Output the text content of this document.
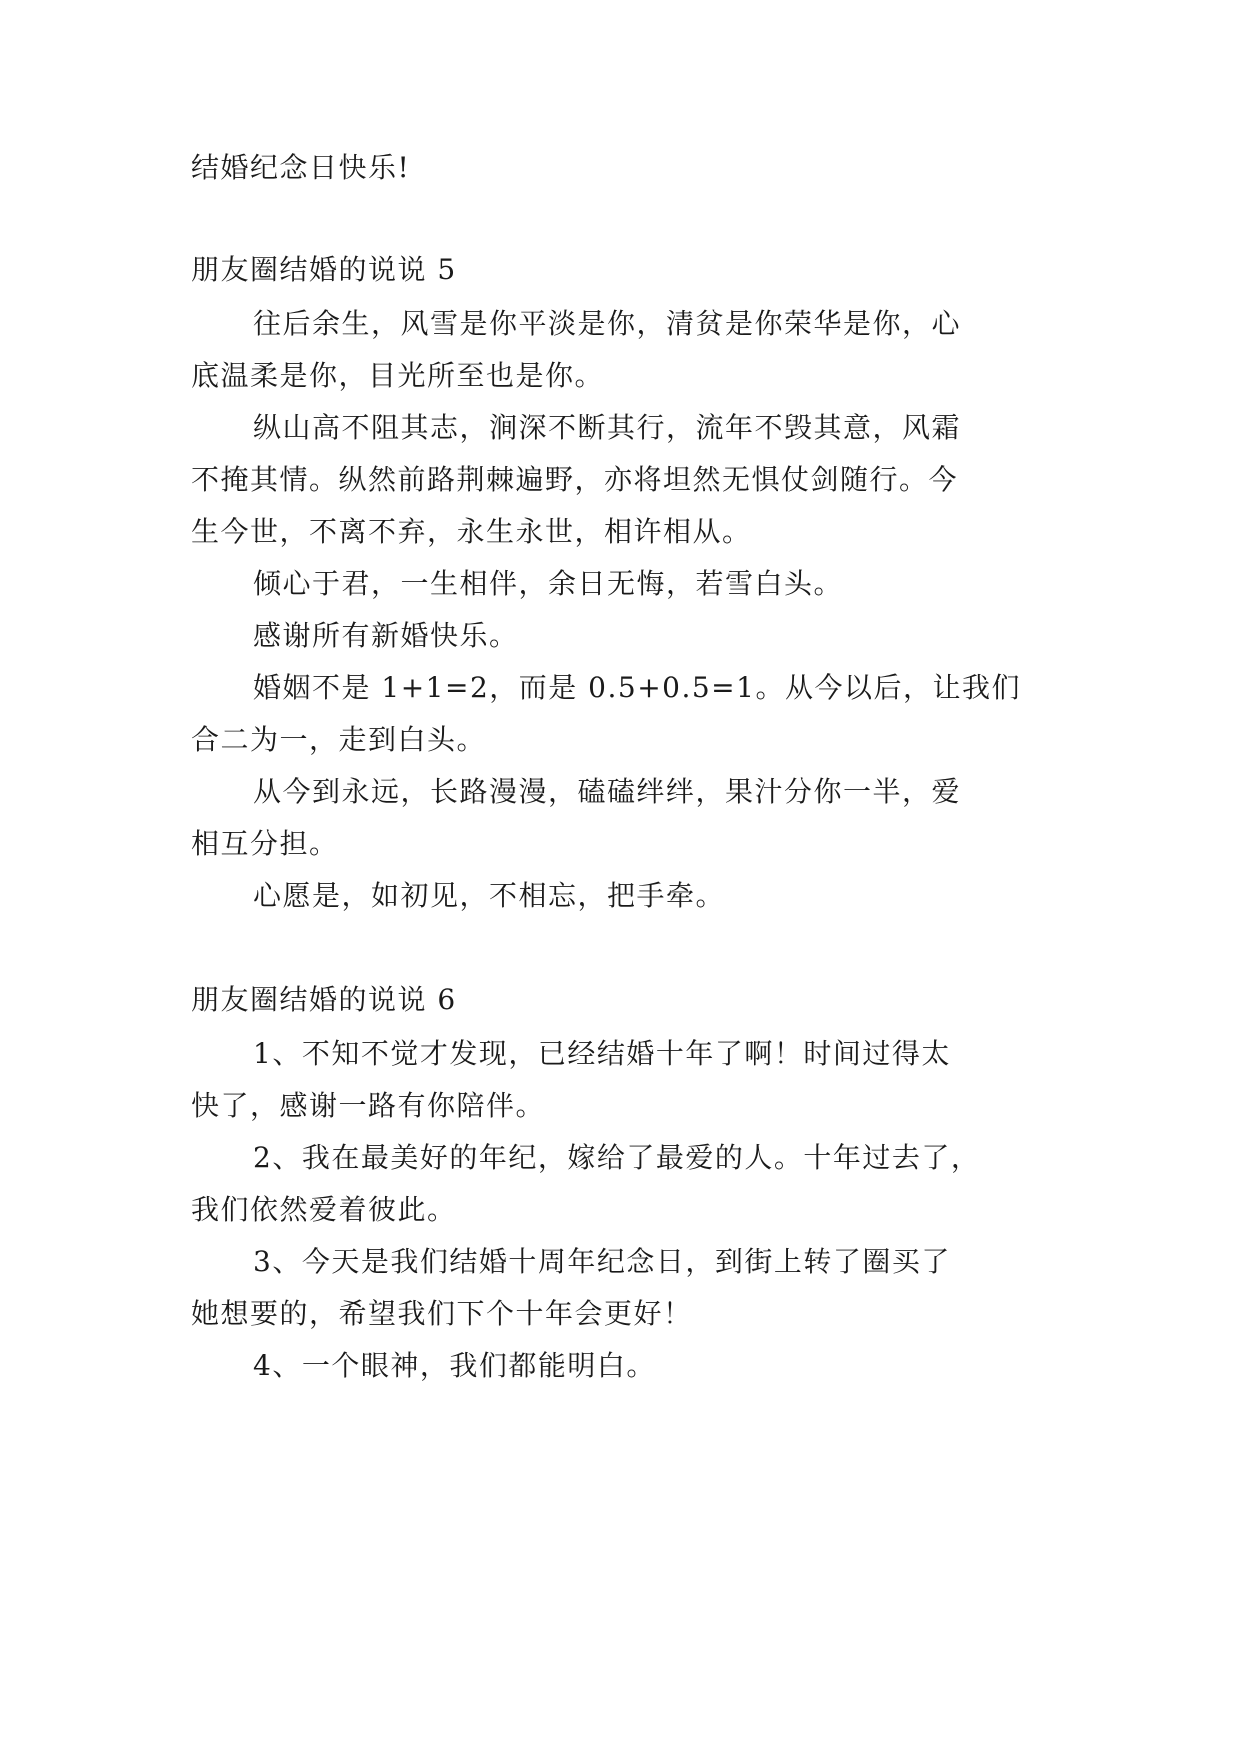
结婚纪念日快乐!
朋友圈结婚的说说 5
往后余生，风雪是你平淡是你，清贫是你荣华是你，心
底温柔是你，目光所至也是你。
纵山高不阻其志，涧深不断其行，流年不毁其意，风霜
不掩其情。纵然前路荆棘遍野，亦将坦然无惧仗剑随行。今
生今世，不离不弃，永生永世，相许相从。
倾心于君，一生相伴，余日无悔，若雪白头。
感谢所有新婚快乐。
婚姻不是 1+1=2，而是 0.5+0.5=1。从今以后，让我们
合二为一，走到白头。
从今到永远，长路漫漫，磕磕绊绊，果汁分你一半，爱
相互分担。
心愿是，如初见，不相忘，把手牵。
朋友圈结婚的说说 6
1、不知不觉才发现，已经结婚十年了啊！时间过得太
快了，感谢一路有你陪伴。
2、我在最美好的年纪，嫁给了最爱的人。十年过去了，
我们依然爱着彼此。
3、今天是我们结婚十周年纪念日，到街上转了圈买了
她想要的，希望我们下个十年会更好！
4、一个眼神，我们都能明白。
